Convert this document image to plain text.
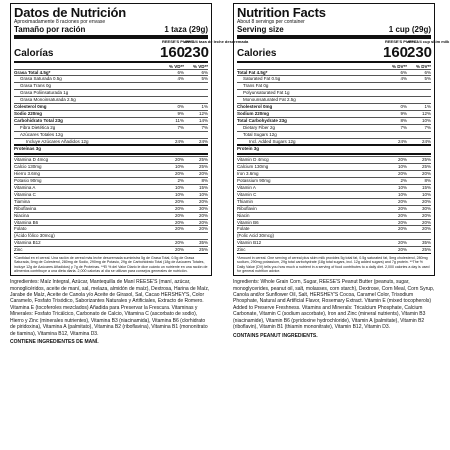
Datos de Nutrición
Aproximadamente 8 raciones por envase
Tamaño por ración	1 taza (29g)
REESE'S PUFFS
con 3/4 taza de leche descremada
Calorías	160
230
% VD**	% VD**
Grasa Total 4.5g*	6%	6%
Grasa Saturada 0.5g	4%	5%
Grasa Trans 0g
Grasa Poliinsaturada 1g
Grasa Monoinsaturada 2.5g
Colesterol 0mg	0%	1%
Sodio 220mg	9%	12%
Carbohidrato Total 23g	11%	14%
Fibra Dietética 2g	7%	7%
Azúcares Totales 12g
Incluye Azúcares Añadidos 12g	24%	24%
Proteínas 3g
Vitamina D 4mcg	20%	25%
Calcio 130mg	10%	25%
Hierro 3.6mg	20%	20%
Potasio 90mg	2%	8%
Vitamina A	10%	15%
Vitamina C	10%	10%
Tiamina	20%	20%
Riboflavina	20%	30%
Niacina	20%	20%
Vitamina B6	20%	20%
Folato	20%	20%
(Ácido fólico 30mcg)
Vitamina B12	20%	35%
Zinc	20%	25%
*Cantidad en el cereal. Una ración de cereal más leche descremada suministra 5g de Grasa Total, 0.5g de Grasa Saturada, 5mg de Colesterol, 280mg de Sodio, 290mg de Potasio, 29g de Carbohidrato Total (18g de Azúcares Totales, incluye 12g de Azúcares Añadidos) y 7g de Proteínas. **El % del Valor Diario le dice cuánto un nutriente en una ración de alimentos contribuye a una dieta diaria. 2,000 calorías al día se utilizan para consejos generales de nutrición.
Ingredientes: Maíz Integral, Azúcar, Mantequilla de Maní REESE'S (maní, azúcar, monoglicéridos, aceite de maní, sal, melaza, almidón de maíz), Dextrosa, Harina de Maíz, Jarabe de Maíz, Aceite de Canola y/o Aceite de Girasol, Sal, Cacao HERSHEY'S, Color Caramelo, Fosfato Trisódico, Saborizantes Naturales y Artificiales, Extracto de Romero. Vitamina E (tocoferoles mezclados) Añadida para Preservar la Frescura. Vitaminas y Minerales: Fosfato Tricálcico, Carbonato de Calcio, Vitamina C (ascorbato de sodio), Hierro y Zinc (minerales nutrientes), Vitamina B3 (niacinamida), Vitamina B6 (clorhidrato de piridoxina), Vitamina A (palmitato), Vitamina B2 (riboflavina), Vitamina B1 (mononitrato de tiamina), Vitamina B12, Vitamina D3.
CONTIENE INGREDIENTES DE MANÍ.
Nutrition Facts
About 8 servings per container
Serving size	1 cup (29g)
REESE'S PUFFS
with 3/4 cup skim milk
Calories	160
230
% DV**	% DV**
Total Fat 4.5g*	6%	6%
Saturated Fat 0.5g	4%	5%
Trans Fat 0g
Polyunsaturated Fat 1g
Monounsaturated Fat 2.5g
Cholesterol 0mg	0%	1%
Sodium 220mg	9%	12%
Total Carbohydrate 23g	8%	10%
Dietary Fiber 2g	7%	7%
Total Sugars 12g
Incl. Added Sugars 12g	24%	24%
Protein 3g
Vitamin D 4mcg	20%	25%
Calcium 130mg	10%	25%
Iron 3.6mg	20%	20%
Potassium 90mg	2%	8%
Vitamin A	10%	15%
Vitamin C	10%	10%
Thiamin	20%	20%
Riboflavin	20%	30%
Niacin	20%	20%
Vitamin B6	20%	20%
Folate	20%	20%
(Folic Acid 30mcg)
Vitamin B12	20%	35%
Zinc	20%	25%
*Amount in cereal. One serving of cereal plus skim milk provides 5g total fat, 0.5g saturated fat, 5mg cholesterol, 280mg sodium, 290mg potassium, 29g total carbohydrate (18g total sugars, incl. 12g added sugars) and 7g protein. **The % Daily Value (DV) tells you how much a nutrient in a serving of food contributes to a daily diet. 2,000 calories a day is used for general nutrition advice.
Ingredients: Whole Grain Corn, Sugar, REESE'S Peanut Butter (peanuts, sugar, monoglycerides, peanut oil, salt, molasses, corn starch), Dextrose, Corn Meal, Corn Syrup, Canola and/or Sunflower Oil, Salt, HERSHEY'S Cocoa, Caramel Color, Trisodium Phosphate, Natural and Artificial Flavor, Rosemary Extract. Vitamin E (mixed tocopherols) Added to Preserve Freshness. Vitamins and Minerals: Tricalcium Phosphate, Calcium Carbonate, Vitamin C (sodium ascorbate), Iron and Zinc (mineral nutrients), Vitamin B3 (niacinamide), Vitamin B6 (pyridoxine hydrochloride), Vitamin A (palmitate), Vitamin B2 (riboflavin), Vitamin B1 (thiamin mononitrate), Vitamin B12, Vitamin D3.
CONTAINS PEANUT INGREDIENTS.
